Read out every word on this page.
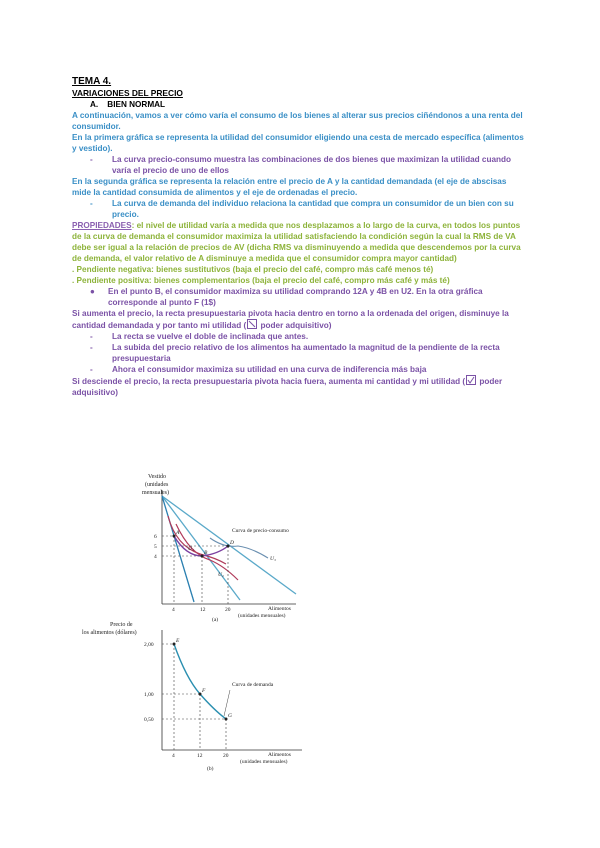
TEMA 4.
VARIACIONES DEL PRECIO
A. BIEN NORMAL

A continuación, vamos a ver cómo varía el consumo de los bienes al alterar sus precios ciñéndonos a una renta del consumidor.

En la primera gráfica se representa la utilidad del consumidor eligiendo una cesta de mercado específica (alimentos y vestido).

-	La curva precio-consumo muestra las combinaciones de dos bienes que maximizan la utilidad cuando varía el precio de uno de ellos

En la segunda gráfica se representa la relación entre el precio de A y la cantidad demandada (el eje de abscisas mide la cantidad consumida de alimentos y el eje de ordenadas el precio.

-	La curva de demanda del individuo relaciona la cantidad que compra un consumidor de un bien con su precio.

PROPIEDADES: el nivel de utilidad varía a medida que nos desplazamos a lo largo de la curva, en todos los puntos de la curva de demanda el consumidor maximiza la utilidad satisfaciendo la condición según la cual la RMS de VA debe ser igual a la relación de precios de AV (dicha RMS va disminuyendo a medida que descendemos por la curva de demanda, el valor relativo de A disminuye a medida que el consumidor compra mayor cantidad)

. Pendiente negativa: bienes sustitutivos (baja el precio del café, compro más café menos té)

. Pendiente positiva: bienes complementarios (baja el precio del café, compro más café y más té)

●	En el punto B, el consumidor maximiza su utilidad comprando 12A y 4B en U2. En la otra gráfica corresponde al punto F (1$)

Si aumenta el precio, la recta presupuestaria pivota hacia dentro en torno a la ordenada del origen, disminuye la cantidad demandada y por tanto mi utilidad (
poder adquisitivo)

-	La recta se vuelve el doble de inclinada que antes.
-	La subida del precio relativo de los alimentos ha aumentado la magnitud de la pendiente de la recta presupuestaria
-	Ahora el consumidor maximiza su utilidad en una curva de indiferencia más baja

Si desciende el precio, la recta presupuestaria pivota hacia fuera, aumenta mi cantidad y mi utilidad ( poder adquisitivo)

Vestido
(unidades
mensuales)
A
B
D
U₁
U₂
U₃
Curva de precio-consumo
6
5
4
4	12	20	Alimentos
(unidades mensuales)
(a)
Precio de
los alimentos (dólares)
E
F
G
Curva de demanda
2,00
1,00
0,50
4	12	20	Alimentos
(unidades mensuales)
(b)
